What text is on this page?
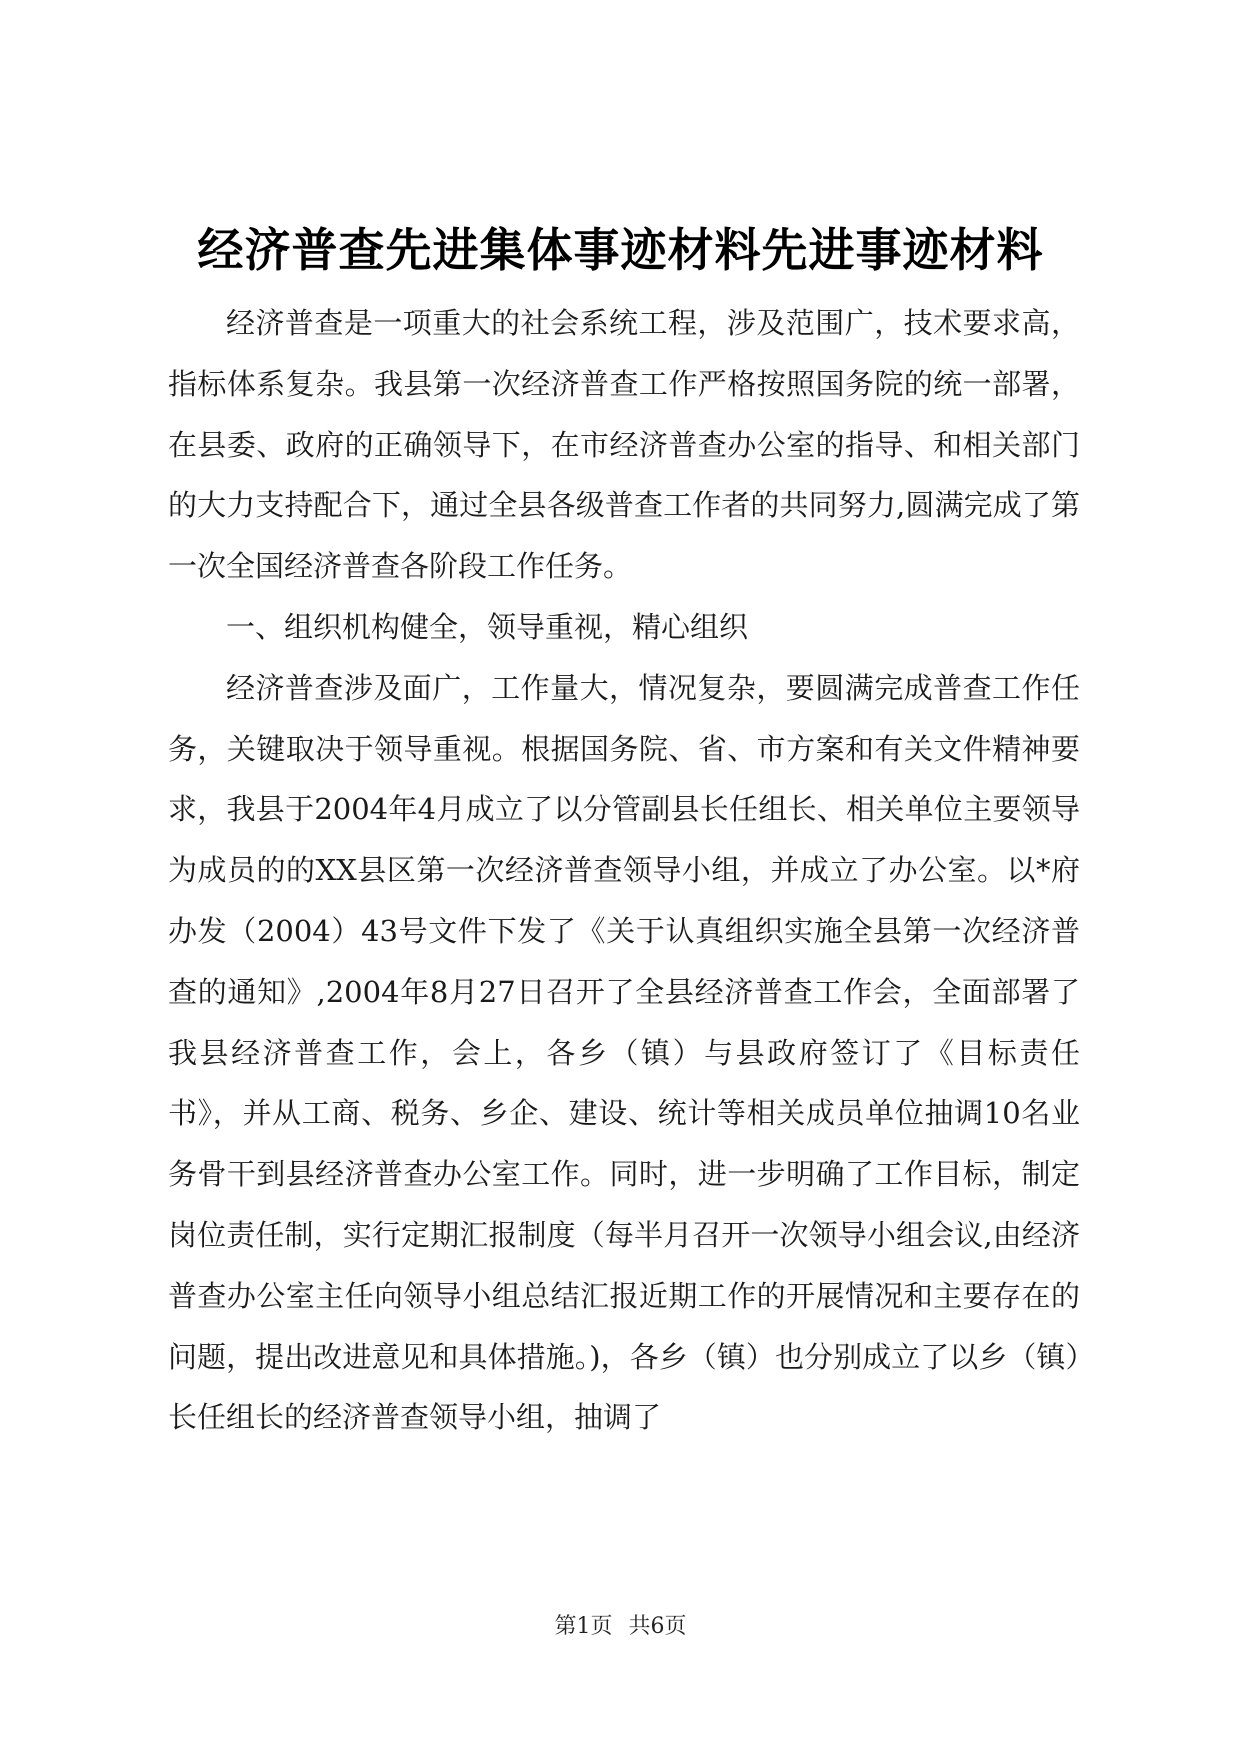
经济普查先进集体事迹材料先进事迹材料

经济普查是一项重大的社会系统工程，涉及范围广，技术要求高，指标体系复杂。我县第一次经济普查工作严格按照国务院的统一部署，在县委、政府的正确领导下，在市经济普查办公室的指导、和相关部门的大力支持配合下，通过全县各级普查工作者的共同努力,圆满完成了第一次全国经济普查各阶段工作任务。

一、组织机构健全，领导重视，精心组织

经济普查涉及面广，工作量大，情况复杂，要圆满完成普查工作任务，关键取决于领导重视。根据国务院、省、市方案和有关文件精神要求，我县于2004年4月成立了以分管副县长任组长、相关单位主要领导为成员的的XX县区第一次经济普查领导小组，并成立了办公室。以*府办发（2004）43号文件下发了《关于认真组织实施全县第一次经济普查的通知》,2004年8月27日召开了全县经济普查工作会，全面部署了我县经济普查工作，会上，各乡（镇）与县政府签订了《目标责任书》，并从工商、税务、乡企、建设、统计等相关成员单位抽调10名业务骨干到县经济普查办公室工作。同时，进一步明确了工作目标，制定岗位责任制，实行定期汇报制度（每半月召开一次领导小组会议,由经济普查办公室主任向领导小组总结汇报近期工作的开展情况和主要存在的问题，提出改进意见和具体措施。)，各乡（镇）也分别成立了以乡（镇）长任组长的经济普查领导小组，抽调了

第1页 共6页
